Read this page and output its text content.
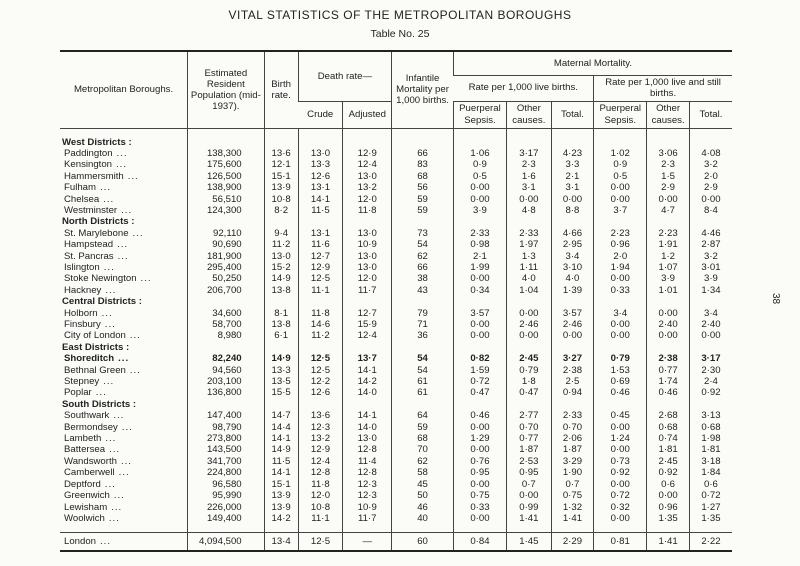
VITAL STATISTICS OF THE METROPOLITAN BOROUGHS
Table No. 25
38
Metropolitan Boroughs.	Estimated Resident Population (mid-1937).	Birth rate.	Death rate—		Infantile Mortality per 1,000 births.	Maternal Mortality.					
						Rate per 1,000 live births.			Rate per 1,000 live and still births.		
			Crude	Adjusted		Puerperal Sepsis.	Other causes.	Total.	Puerperal Sepsis.	Other causes.	Total.

West Districts :											
Paddington ...	138,300	13·6	13·0	12·9	66	1·06	3·17	4·23	1·02	3·06	4·08
Kensington ...	175,600	12·1	13·3	12·4	83	0·9	2·3	3·3	0·9	2·3	3·2
Hammersmith ...	126,500	15·1	12·6	13·0	68	0·5	1·6	2·1	0·5	1·5	2·0
Fulham ...	138,900	13·9	13·1	13·2	56	0·00	3·1	3·1	0·00	2·9	2·9
Chelsea ...	56,510	10·8	14·1	12·0	59	0·00	0·00	0·00	0·00	0·00	0·00
Westminster ...	124,300	8·2	11·5	11·8	59	3·9	4·8	8·8	3·7	4·7	8·4
North Districts :											
St. Marylebone ...	92,110	9·4	13·1	13·0	73	2·33	2·33	4·66	2·23	2·23	4·46
Hampstead ...	90,690	11·2	11·6	10·9	54	0·98	1·97	2·95	0·96	1·91	2·87
St. Pancras ...	181,900	13·0	12·7	13·0	62	2·1	1·3	3·4	2·0	1·2	3·2
Islington ...	295,400	15·2	12·9	13·0	66	1·99	1·11	3·10	1·94	1·07	3·01
Stoke Newington ...	50,250	14·9	12·5	12·0	38	0·00	4·0	4·0	0·00	3·9	3·9
Hackney ...	206,700	13·8	11·1	11·7	43	0·34	1·04	1·39	0·33	1·01	1·34
Central Districts :											
Holborn ...	34,600	8·1	11·8	12·7	79	3·57	0·00	3·57	3·4	0·00	3·4
Finsbury ...	58,700	13·8	14·6	15·9	71	0·00	2·46	2·46	0·00	2·40	2·40
City of London ...	8,980	6·1	11·2	12·4	36	0·00	0·00	0·00	0·00	0·00	0·00
East Districts :											
Shoreditch ...	82,240	14·9	12·5	13·7	54	0·82	2·45	3·27	0·79	2·38	3·17
Bethnal Green ...	94,560	13·3	12·5	14·1	54	1·59	0·79	2·38	1·53	0·77	2·30
Stepney ...	203,100	13·5	12·2	14·2	61	0·72	1·8	2·5	0·69	1·74	2·4
Poplar ...	136,800	15·5	12·6	14·0	61	0·47	0·47	0·94	0·46	0·46	0·92
South Districts :											
Southwark ...	147,400	14·7	13·6	14·1	64	0·46	2·77	2·33	0·45	2·68	3·13
Bermondsey ...	98,790	14·4	12·3	14·0	59	0·00	0·70	0·70	0·00	0·68	0·68
Lambeth ...	273,800	14·1	13·2	13·0	68	1·29	0·77	2·06	1·24	0·74	1·98
Battersea ...	143,500	14·9	12·9	12·8	70	0·00	1·87	1·87	0·00	1·81	1·81
Wandsworth ...	341,700	11·5	12·4	11·4	62	0·76	2·53	3·29	0·73	2·45	3·18
Camberwell ...	224,800	14·1	12·8	12·8	58	0·95	0·95	1·90	0·92	0·92	1·84
Deptford ...	96,580	15·1	11·8	12·3	45	0·00	0·7	0·7	0·00	0·6	0·6
Greenwich ...	95,990	13·9	12·0	12·3	50	0·75	0·00	0·75	0·72	0·00	0·72
Lewisham ...	226,000	13·9	10·8	10·9	46	0·33	0·99	1·32	0·32	0·96	1·27
Woolwich ...	149,400	14·2	11·1	11·7	40	0·00	1·41	1·41	0·00	1·35	1·35

London ...	4,094,500	13·4	12·5	—	60	0·84	1·45	2·29	0·81	1·41	2·22
